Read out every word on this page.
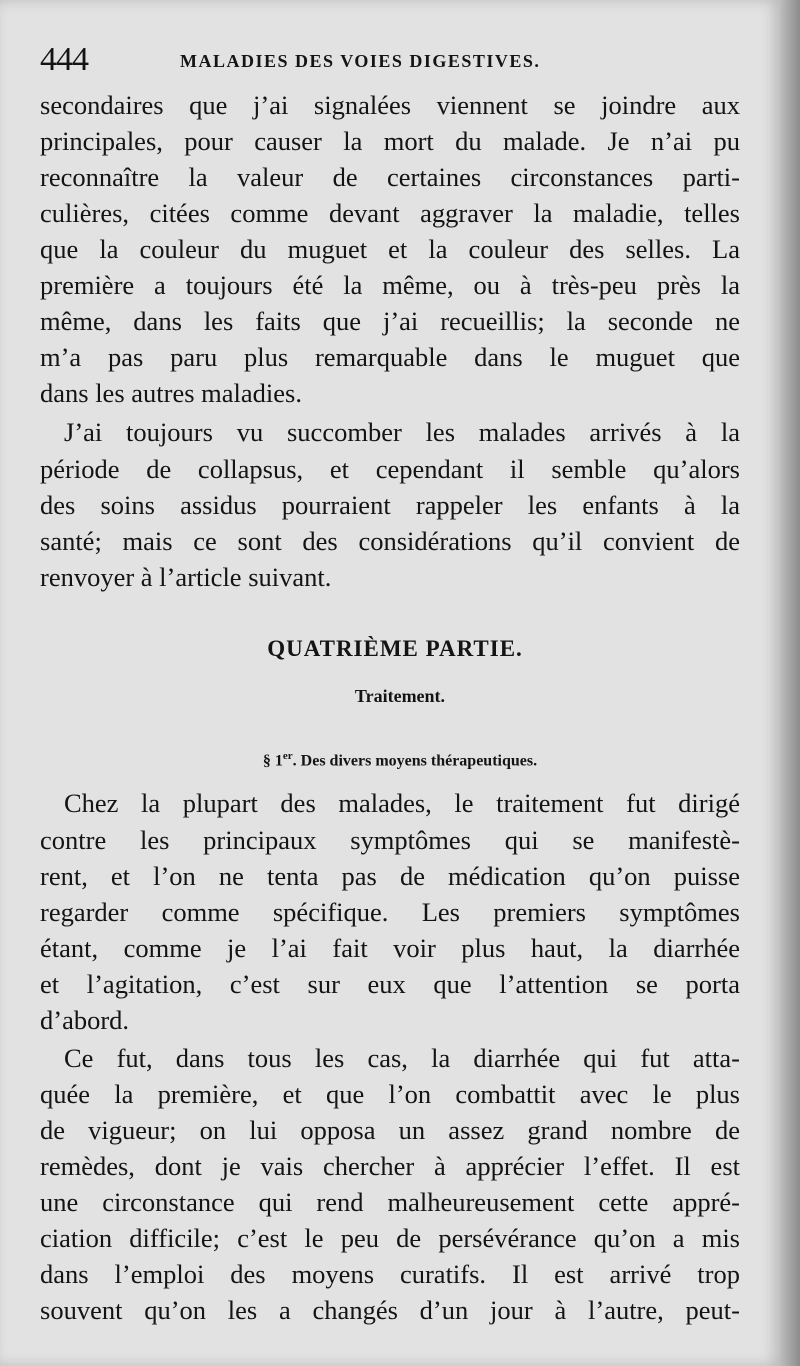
444	MALADIES DES VOIES DIGESTIVES.
secondaires que j’ai signalées viennent se joindre aux
principales, pour causer la mort du malade. Je n’ai pu
reconnaître la valeur de certaines circonstances parti-
culières, citées comme devant aggraver la maladie, telles
que la couleur du muguet et la couleur des selles. La
première a toujours été la même, ou à très-peu près la
même, dans les faits que j’ai recueillis; la seconde ne
m’a pas paru plus remarquable dans le muguet que
dans les autres maladies.
J’ai toujours vu succomber les malades arrivés à la
période de collapsus, et cependant il semble qu’alors
des soins assidus pourraient rappeler les enfants à la
santé; mais ce sont des considérations qu’il convient de
renvoyer à l’article suivant.
QUATRIÈME PARTIE.
Traitement.
§ 1er. Des divers moyens thérapeutiques.
Chez la plupart des malades, le traitement fut dirigé
contre les principaux symptômes qui se manifestè-
rent, et l’on ne tenta pas de médication qu’on puisse
regarder comme spécifique. Les premiers symptômes
étant, comme je l’ai fait voir plus haut, la diarrhée
et l’agitation, c’est sur eux que l’attention se porta
d’abord.
Ce fut, dans tous les cas, la diarrhée qui fut atta-
quée la première, et que l’on combattit avec le plus
de vigueur; on lui opposa un assez grand nombre de
remèdes, dont je vais chercher à apprécier l’effet. Il est
une circonstance qui rend malheureusement cette appré-
ciation difficile; c’est le peu de persévérance qu’on a mis
dans l’emploi des moyens curatifs. Il est arrivé trop
souvent qu’on les a changés d’un jour à l’autre, peut-
